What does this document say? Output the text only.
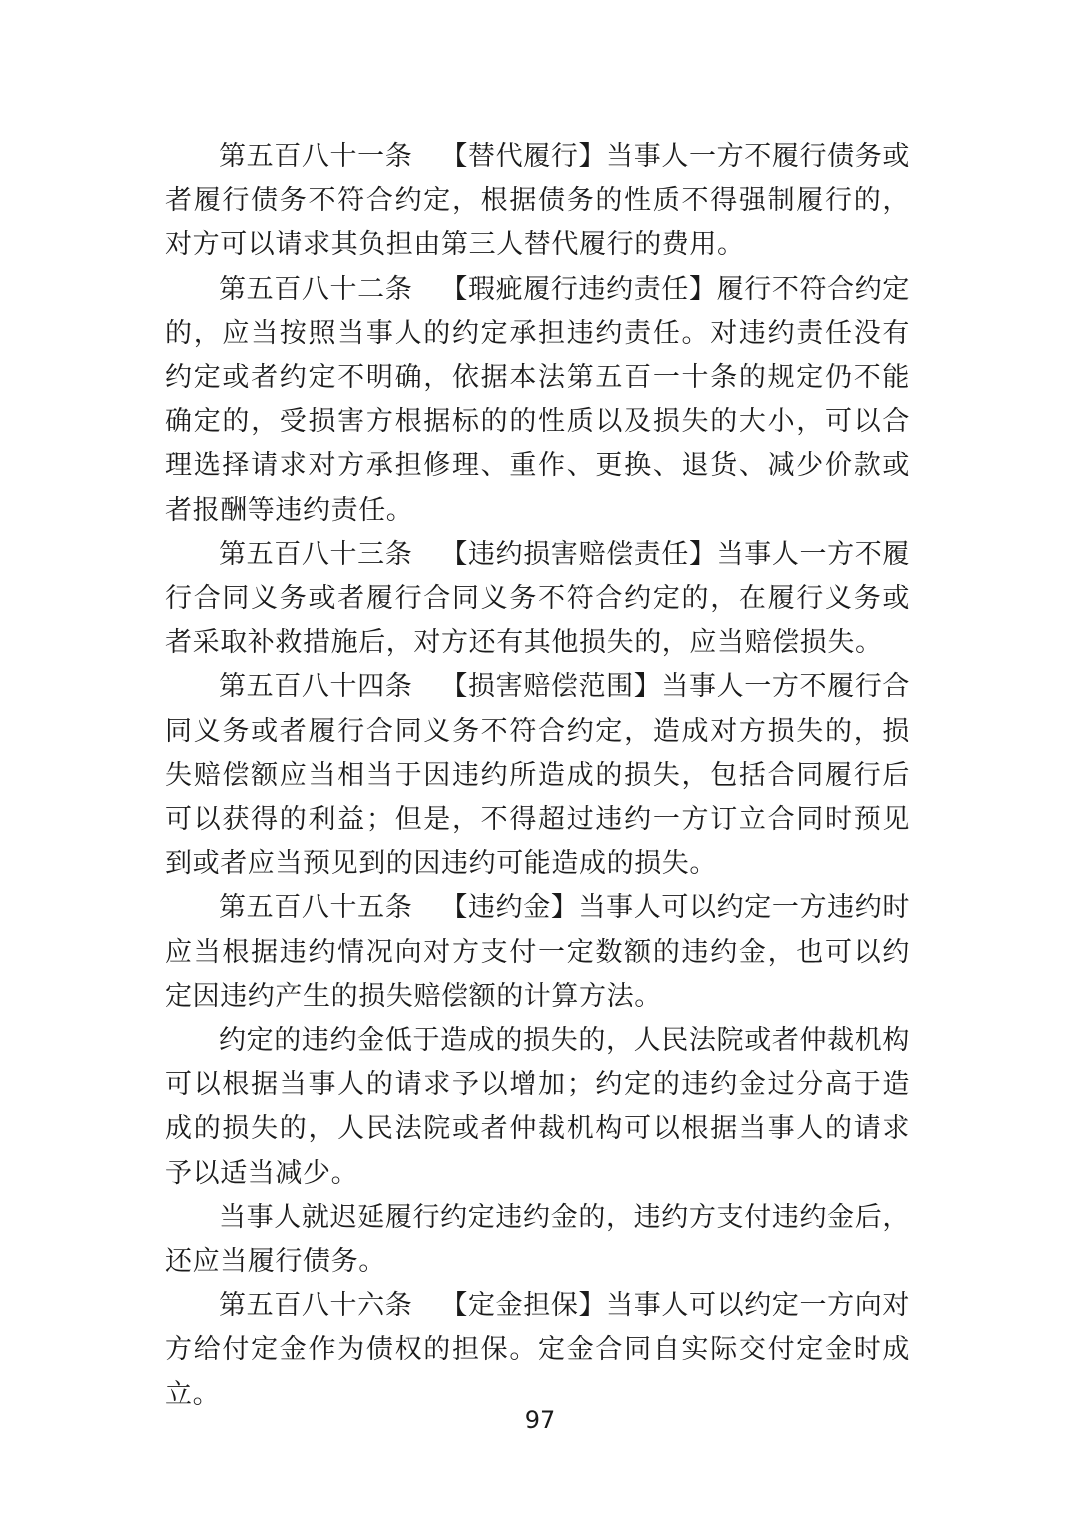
第五百八十一条 【替代履行】当事人一方不履行债务或者履行债务不符合约定，根据债务的性质不得强制履行的，对方可以请求其负担由第三人替代履行的费用。

第五百八十二条 【瑕疵履行违约责任】履行不符合约定的，应当按照当事人的约定承担违约责任。对违约责任没有约定或者约定不明确，依据本法第五百一十条的规定仍不能确定的，受损害方根据标的的性质以及损失的大小，可以合理选择请求对方承担修理、重作、更换、退货、减少价款或者报酬等违约责任。

第五百八十三条 【违约损害赔偿责任】当事人一方不履行合同义务或者履行合同义务不符合约定的，在履行义务或者采取补救措施后，对方还有其他损失的，应当赔偿损失。

第五百八十四条 【损害赔偿范围】当事人一方不履行合同义务或者履行合同义务不符合约定，造成对方损失的，损失赔偿额应当相当于因违约所造成的损失，包括合同履行后可以获得的利益；但是，不得超过违约一方订立合同时预见到或者应当预见到的因违约可能造成的损失。

第五百八十五条 【违约金】当事人可以约定一方违约时应当根据违约情况向对方支付一定数额的违约金，也可以约定因违约产生的损失赔偿额的计算方法。

约定的违约金低于造成的损失的，人民法院或者仲裁机构可以根据当事人的请求予以增加；约定的违约金过分高于造成的损失的，人民法院或者仲裁机构可以根据当事人的请求予以适当减少。

当事人就迟延履行约定违约金的，违约方支付违约金后，还应当履行债务。

第五百八十六条 【定金担保】当事人可以约定一方向对方给付定金作为债权的担保。定金合同自实际交付定金时成立。

97
